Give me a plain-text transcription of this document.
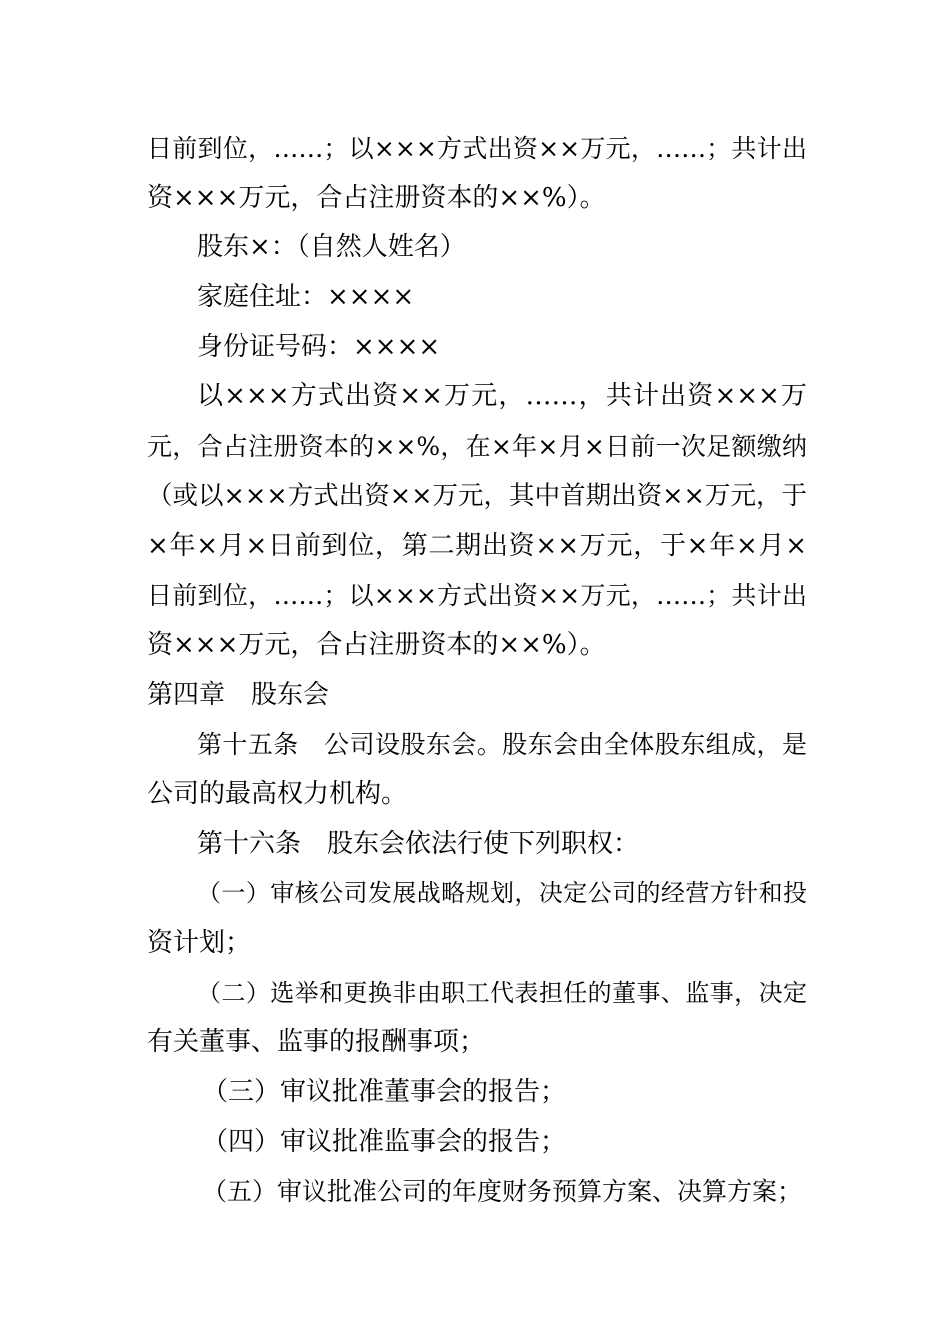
日前到位，……；以×××方式出资××万元，……；共计出
资×××万元，合占注册资本的××%）。
股东×：（自然人姓名）
家庭住址：××××
身份证号码：××××
以×××方式出资××万元，……，共计出资×××万
元，合占注册资本的××%，在×年×月×日前一次足额缴纳
（或以×××方式出资××万元，其中首期出资××万元，于
×年×月×日前到位，第二期出资××万元，于×年×月×
日前到位，……；以×××方式出资××万元，……；共计出
资×××万元，合占注册资本的××%）。
第四章　股东会
第十五条　公司设股东会。股东会由全体股东组成，是
公司的最高权力机构。
第十六条　股东会依法行使下列职权：
（一）审核公司发展战略规划，决定公司的经营方针和投
资计划；
（二）选举和更换非由职工代表担任的董事、监事，决定
有关董事、监事的报酬事项；
（三）审议批准董事会的报告；
（四）审议批准监事会的报告；
（五）审议批准公司的年度财务预算方案、决算方案；
